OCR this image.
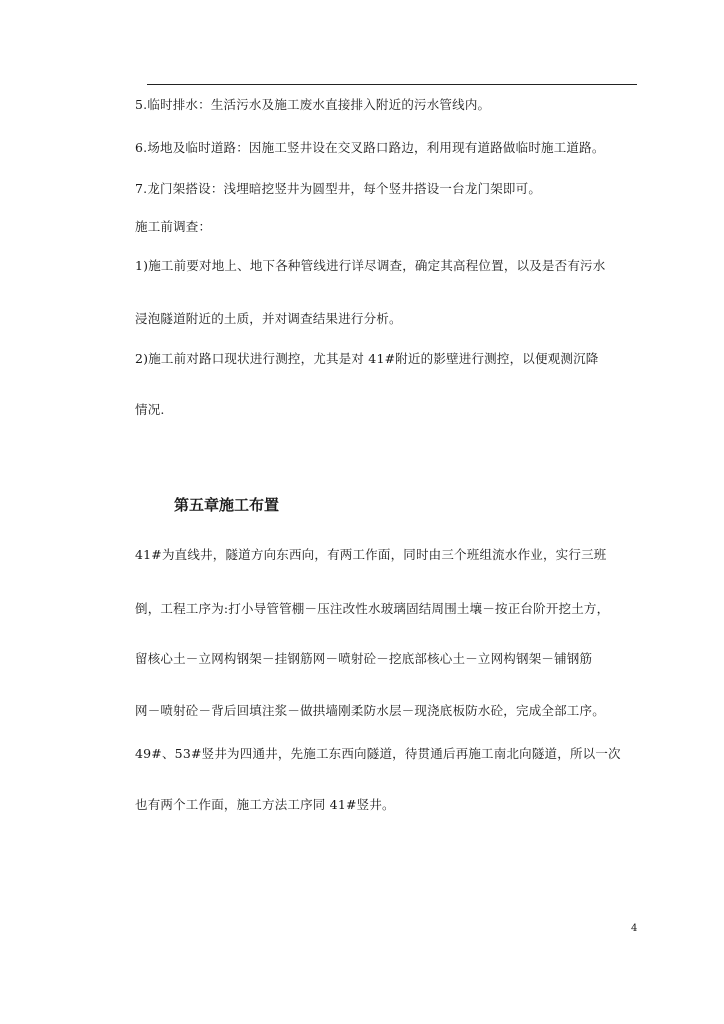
5.临时排水：生活污水及施工废水直接排入附近的污水管线内。
6.场地及临时道路：因施工竖井设在交叉路口路边，利用现有道路做临时施工道路。
7.龙门架搭设：浅埋暗挖竖井为圆型井，每个竖井搭设一台龙门架即可。
施工前调查：
1)施工前要对地上、地下各种管线进行详尽调查，确定其高程位置，以及是否有污水
浸泡隧道附近的土质，并对调查结果进行分析。
2)施工前对路口现状进行测控，尤其是对 41#附近的影壁进行测控，以便观测沉降
情况.
第五章施工布置
41#为直线井，隧道方向东西向，有两工作面，同时由三个班组流水作业，实行三班
倒，工程工序为:打小导管管棚－压注改性水玻璃固结周围土壤－按正台阶开挖土方，
留核心土－立网构钢架－挂钢筋网－喷射砼－挖底部核心土－立网构钢架－铺钢筋
网－喷射砼－背后回填注浆－做拱墙刚柔防水层－现浇底板防水砼，完成全部工序。
49#、53#竖井为四通井，先施工东西向隧道，待贯通后再施工南北向隧道，所以一次
也有两个工作面，施工方法工序同 41#竖井。
4
